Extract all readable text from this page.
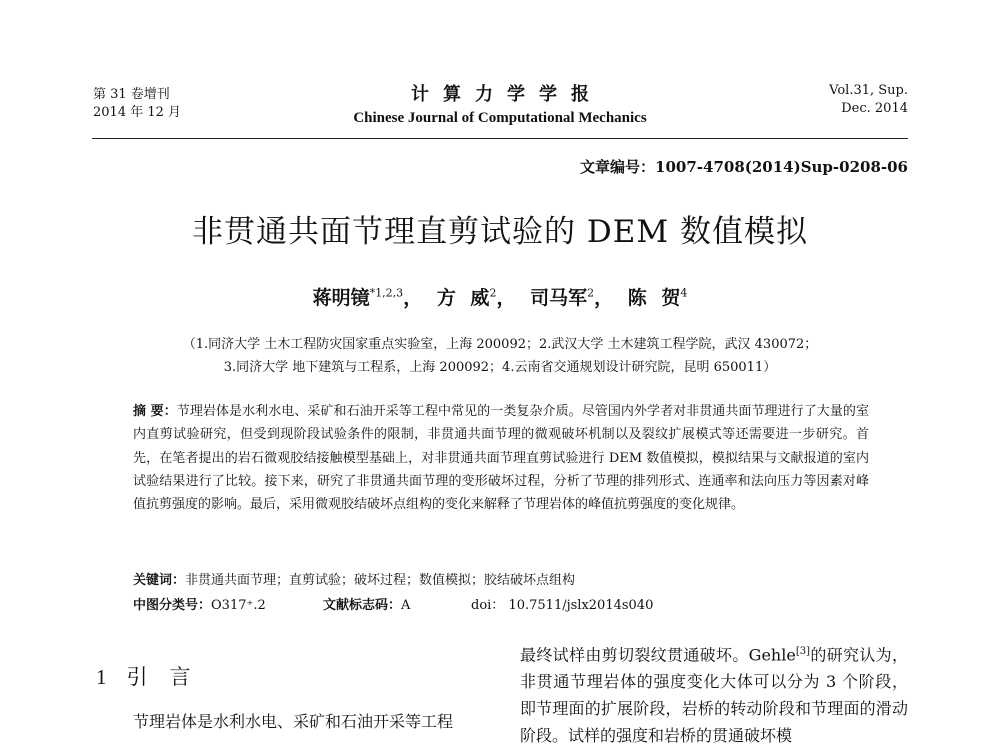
第 31 卷增刊
2014 年 12 月
计算力学学报
Chinese Journal of Computational Mechanics
Vol.31, Sup.
Dec. 2014
文章编号：1007-4708(2014)Sup-0208-06
非贯通共面节理直剪试验的 DEM 数值模拟
蒋明镜$^{*1,2,3}$， 方 威$^2$， 司马军$^2$， 陈 贺$^4$
（1.同济大学 土木工程防灾国家重点实验室，上海 200092；2.武汉大学 土木建筑工程学院，武汉 430072；
3.同济大学 地下建筑与工程系，上海 200092；4.云南省交通规划设计研究院，昆明 650011）
摘 要：节理岩体是水利水电、采矿和石油开采等工程中常见的一类复杂介质。尽管国内外学者对非贯通共面节理进行了大量的室内直剪试验研究，但受到现阶段试验条件的限制，非贯通共面节理的微观破坏机制以及裂纹扩展模式等还需要进一步研究。首先，在笔者提出的岩石微观胶结接触模型基础上，对非贯通共面节理直剪试验进行 DEM 数值模拟，模拟结果与文献报道的室内试验结果进行了比较。接下来，研究了非贯通共面节理的变形破坏过程，分析了节理的排列形式、连通率和法向压力等因素对峰值抗剪强度的影响。最后，采用微观胶结破坏点组构的变化来解释了节理岩体的峰值抗剪强度的变化规律。
关键词：非贯通共面节理；直剪试验；破坏过程；数值模拟；胶结破坏点组构
中图分类号：O317⁺.2	文献标志码：A	doi： 10.7511/jslx2014s040
1 引言
节理岩体是水利水电、采矿和石油开采等工程
最终试样由剪切裂纹贯通破坏。Gehle[3]的研究认为，非贯通节理岩体的强度变化大体可以分为 3 个阶段，即节理面的扩展阶段，岩桥的转动阶段和节理面的滑动阶段。试样的强度和岩桥的贯通破坏模
